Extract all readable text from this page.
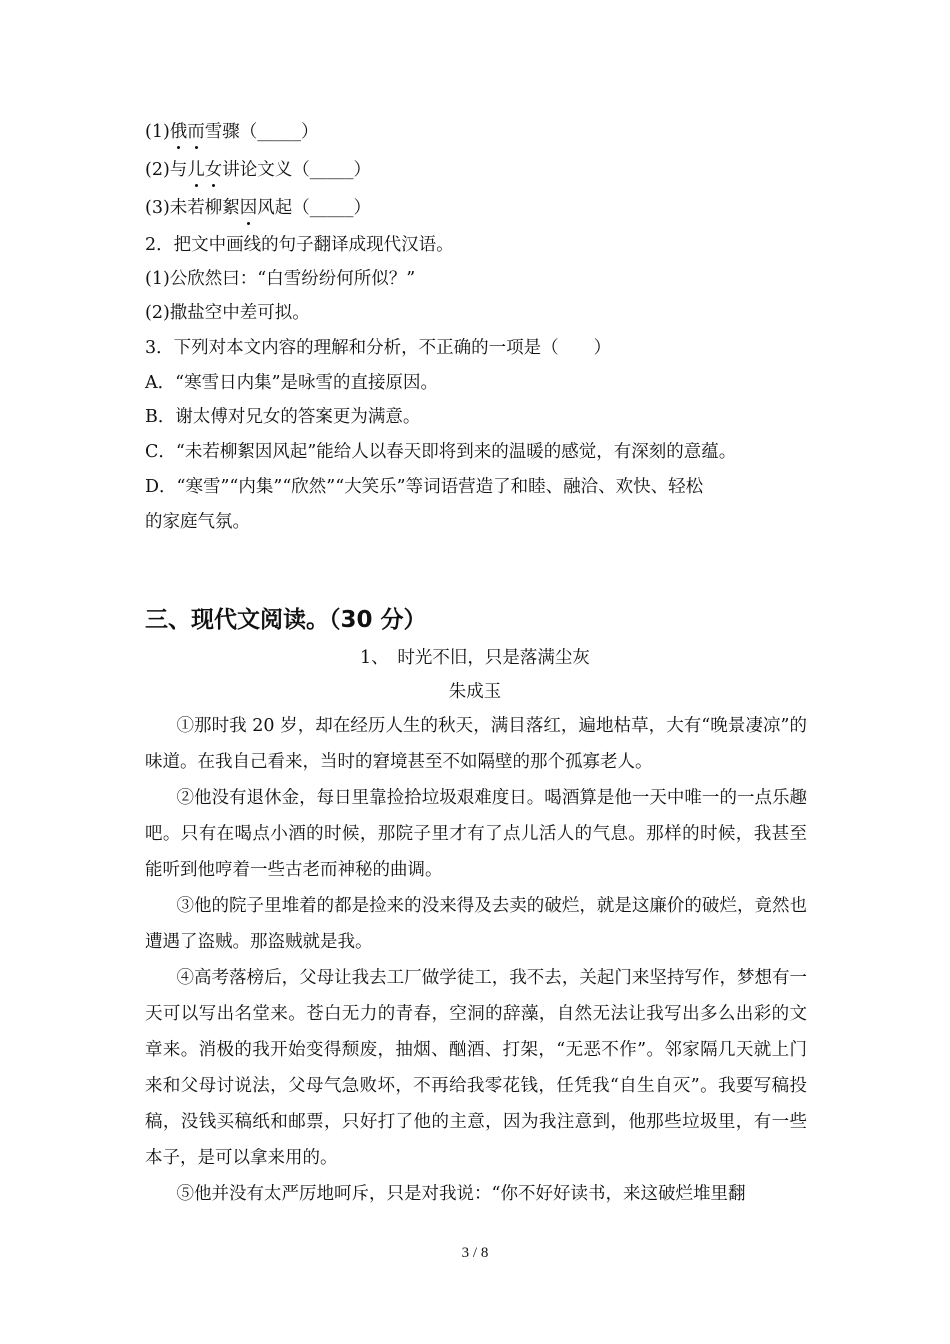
(1)俄而雪骤（_____）
(2)与儿女讲论文义（_____）
(3)未若柳絮因风起（_____）
2．把文中画线的句子翻译成现代汉语。
(1)公欣然曰：“白雪纷纷何所似？”
(2)撒盐空中差可拟。
3．下列对本文内容的理解和分析，不正确的一项是（　　）
A．“寒雪日内集”是咏雪的直接原因。
B．谢太傅对兄女的答案更为满意。
C．“未若柳絮因风起”能给人以春天即将到来的温暖的感觉，有深刻的意蕴。
D．“寒雪”“内集”“欣然”“大笑乐”等词语营造了和睦、融洽、欢快、轻松
的家庭气氛。
三、现代文阅读。（30 分）
1、　时光不旧，只是落满尘灰
朱成玉
①那时我 20 岁，却在经历人生的秋天，满目落红，遍地枯草，大有“晚景凄凉”的味道。在我自己看来，当时的窘境甚至不如隔壁的那个孤寡老人。
②他没有退休金，每日里靠捡拾垃圾艰难度日。喝酒算是他一天中唯一的一点乐趣吧。只有在喝点小酒的时候，那院子里才有了点儿活人的气息。那样的时候，我甚至能听到他哼着一些古老而神秘的曲调。
③他的院子里堆着的都是捡来的没来得及去卖的破烂，就是这廉价的破烂，竟然也遭遇了盗贼。那盗贼就是我。
④高考落榜后，父母让我去工厂做学徒工，我不去，关起门来坚持写作，梦想有一天可以写出名堂来。苍白无力的青春，空洞的辞藻，自然无法让我写出多么出彩的文章来。消极的我开始变得颓废，抽烟、酗酒、打架，“无恶不作”。邻家隔几天就上门来和父母讨说法，父母气急败坏，不再给我零花钱，任凭我“自生自灭”。我要写稿投稿，没钱买稿纸和邮票，只好打了他的主意，因为我注意到，他那些垃圾里，有一些本子，是可以拿来用的。
⑤他并没有太严厉地呵斥，只是对我说：“你不好好读书，来这破烂堆里翻
3 / 8
